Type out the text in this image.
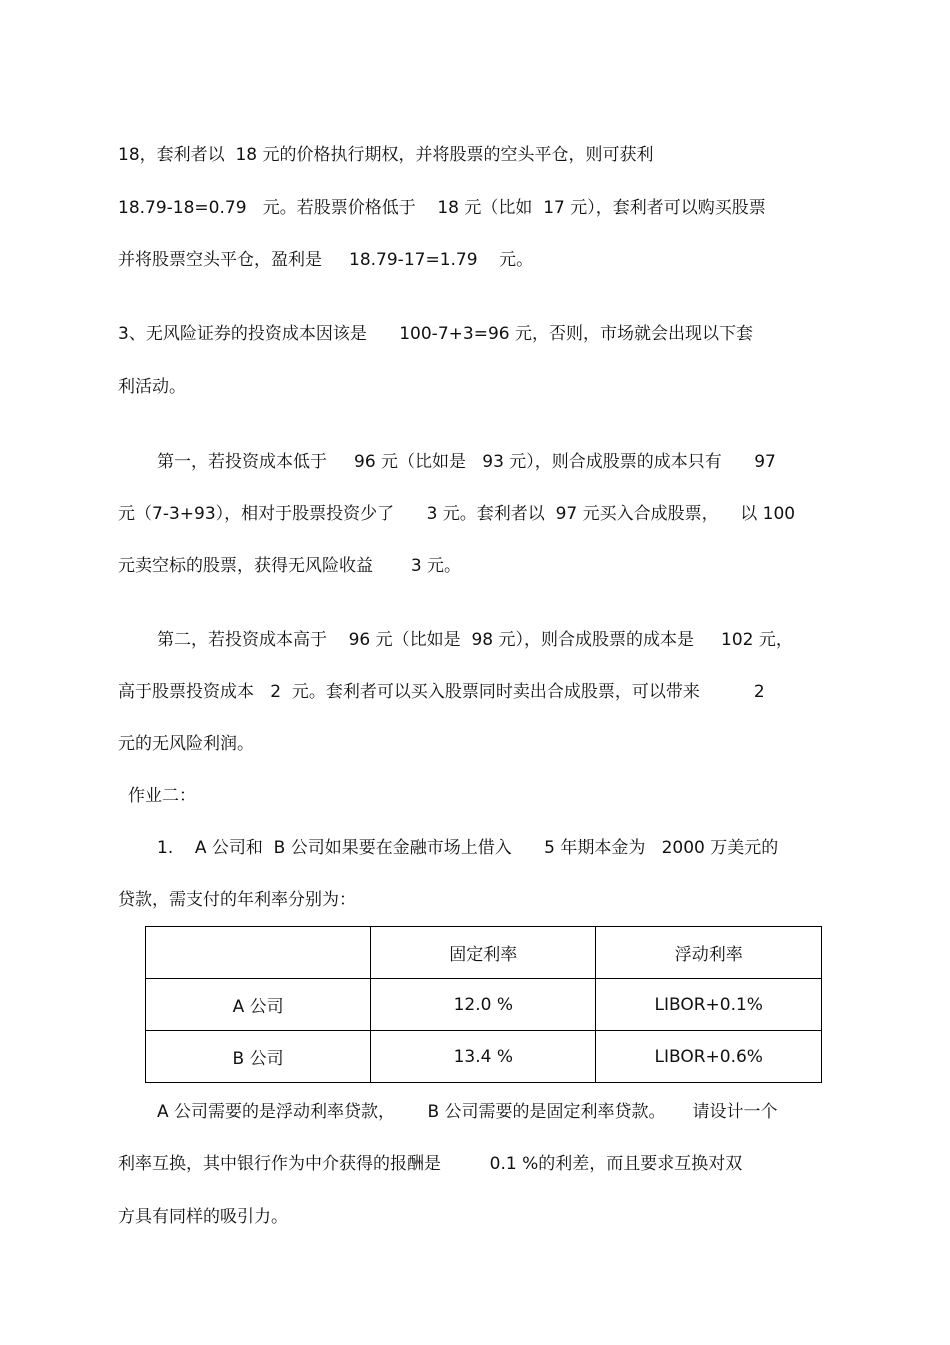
18，套利者以  18 元的价格执行期权，并将股票的空头平仓，则可获利
18.79-18=0.79   元。若股票价格低于    18 元（比如  17 元），套利者可以购买股票
并将股票空头平仓，盈利是     18.79-17=1.79    元。
3、无风险证券的投资成本因该是      100-7+3=96 元，否则，市场就会出现以下套
利活动。
第一，若投资成本低于     96 元（比如是   93 元），则合成股票的成本只有      97
元（7-3+93），相对于股票投资少了      3 元。套利者以  97 元买入合成股票，    以 100
元卖空标的股票，获得无风险收益       3 元。
第二，若投资成本高于    96 元（比如是  98 元），则合成股票的成本是     102 元，
高于股票投资成本   2  元。套利者可以买入股票同时卖出合成股票，可以带来          2
元的无风险利润。
作业二：
1.    A 公司和  B 公司如果要在金融市场上借入      5 年期本金为   2000 万美元的
贷款，需支付的年利率分别为：
	固定利率	浮动利率
A 公司	12.0 %	LIBOR+0.1%
B 公司	13.4 %	LIBOR+0.6%
A 公司需要的是浮动利率贷款，      B 公司需要的是固定利率贷款。     请设计一个
利率互换，其中银行作为中介获得的报酬是         0.1 %的利差，而且要求互换对双
方具有同样的吸引力。
